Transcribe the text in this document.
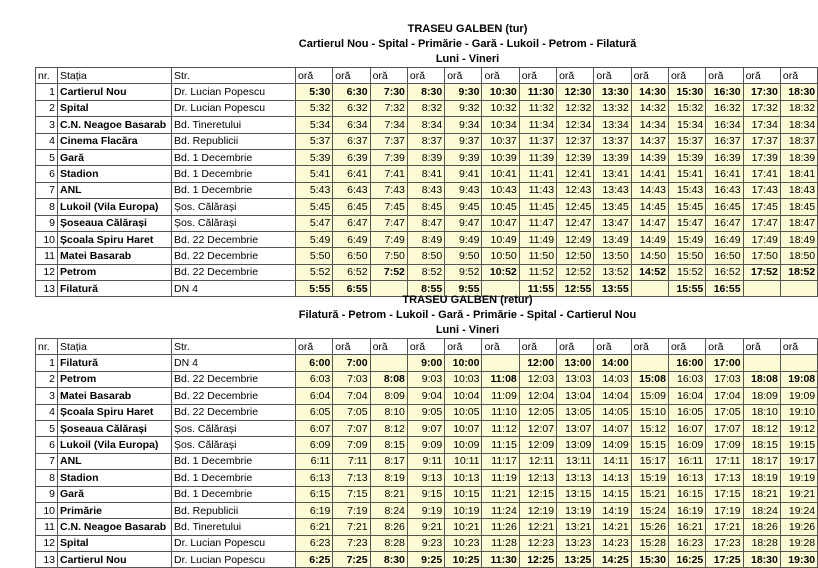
TRASEU GALBEN (tur)
Cartierul Nou - Spital - Primărie - Gară - Lukoil - Petrom - Filatură
Luni - Vineri
nr.	Stația	Str.	oră	oră	oră	oră	oră	oră	oră	oră	oră	oră	oră	oră	oră	oră
1	Cartierul Nou	Dr. Lucian Popescu	5:30	6:30	7:30	8:30	9:30	10:30	11:30	12:30	13:30	14:30	15:30	16:30	17:30	18:30
2	Spital	Dr. Lucian Popescu	5:32	6:32	7:32	8:32	9:32	10:32	11:32	12:32	13:32	14:32	15:32	16:32	17:32	18:32
3	C.N. Neagoe Basarab	Bd. Tineretului	5:34	6:34	7:34	8:34	9:34	10:34	11:34	12:34	13:34	14:34	15:34	16:34	17:34	18:34
4	Cinema Flacăra	Bd. Republicii	5:37	6:37	7:37	8:37	9:37	10:37	11:37	12:37	13:37	14:37	15:37	16:37	17:37	18:37
5	Gară	Bd. 1 Decembrie	5:39	6:39	7:39	8:39	9:39	10:39	11:39	12:39	13:39	14:39	15:39	16:39	17:39	18:39
6	Stadion	Bd. 1 Decembrie	5:41	6:41	7:41	8:41	9:41	10:41	11:41	12:41	13:41	14:41	15:41	16:41	17:41	18:41
7	ANL	Bd. 1 Decembrie	5:43	6:43	7:43	8:43	9:43	10:43	11:43	12:43	13:43	14:43	15:43	16:43	17:43	18:43
8	Lukoil (Vila Europa)	Șos. Călărași	5:45	6:45	7:45	8:45	9:45	10:45	11:45	12:45	13:45	14:45	15:45	16:45	17:45	18:45
9	Șoseaua Călărași	Șos. Călărași	5:47	6:47	7:47	8:47	9:47	10:47	11:47	12:47	13:47	14:47	15:47	16:47	17:47	18:47
10	Școala Spiru Haret	Bd. 22 Decembrie	5:49	6:49	7:49	8:49	9:49	10:49	11:49	12:49	13:49	14:49	15:49	16:49	17:49	18:49
11	Matei Basarab	Bd. 22 Decembrie	5:50	6:50	7:50	8:50	9:50	10:50	11:50	12:50	13:50	14:50	15:50	16:50	17:50	18:50
12	Petrom	Bd. 22 Decembrie	5:52	6:52	7:52	8:52	9:52	10:52	11:52	12:52	13:52	14:52	15:52	16:52	17:52	18:52
13	Filatură	DN 4	5:55	6:55		8:55	9:55		11:55	12:55	13:55		15:55	16:55		
TRASEU GALBEN (retur)
Filatură - Petrom - Lukoil - Gară - Primărie - Spital - Cartierul Nou
Luni - Vineri
nr.	Stația	Str.	oră	oră	oră	oră	oră	oră	oră	oră	oră	oră	oră	oră	oră	oră
1	Filatură	DN 4	6:00	7:00		9:00	10:00		12:00	13:00	14:00		16:00	17:00		
2	Petrom	Bd. 22 Decembrie	6:03	7:03	8:08	9:03	10:03	11:08	12:03	13:03	14:03	15:08	16:03	17:03	18:08	19:08
3	Matei Basarab	Bd. 22 Decembrie	6:04	7:04	8:09	9:04	10:04	11:09	12:04	13:04	14:04	15:09	16:04	17:04	18:09	19:09
4	Școala Spiru Haret	Bd. 22 Decembrie	6:05	7:05	8:10	9:05	10:05	11:10	12:05	13:05	14:05	15:10	16:05	17:05	18:10	19:10
5	Șoseaua Călărași	Șos. Călărași	6:07	7:07	8:12	9:07	10:07	11:12	12:07	13:07	14:07	15:12	16:07	17:07	18:12	19:12
6	Lukoil (Vila Europa)	Șos. Călărași	6:09	7:09	8:15	9:09	10:09	11:15	12:09	13:09	14:09	15:15	16:09	17:09	18:15	19:15
7	ANL	Bd. 1 Decembrie	6:11	7:11	8:17	9:11	10:11	11:17	12:11	13:11	14:11	15:17	16:11	17:11	18:17	19:17
8	Stadion	Bd. 1 Decembrie	6:13	7:13	8:19	9:13	10:13	11:19	12:13	13:13	14:13	15:19	16:13	17:13	18:19	19:19
9	Gară	Bd. 1 Decembrie	6:15	7:15	8:21	9:15	10:15	11:21	12:15	13:15	14:15	15:21	16:15	17:15	18:21	19:21
10	Primărie	Bd. Republicii	6:19	7:19	8:24	9:19	10:19	11:24	12:19	13:19	14:19	15:24	16:19	17:19	18:24	19:24
11	C.N. Neagoe Basarab	Bd. Tineretului	6:21	7:21	8:26	9:21	10:21	11:26	12:21	13:21	14:21	15:26	16:21	17:21	18:26	19:26
12	Spital	Dr. Lucian Popescu	6:23	7:23	8:28	9:23	10:23	11:28	12:23	13:23	14:23	15:28	16:23	17:23	18:28	19:28
13	Cartierul Nou	Dr. Lucian Popescu	6:25	7:25	8:30	9:25	10:25	11:30	12:25	13:25	14:25	15:30	16:25	17:25	18:30	19:30
